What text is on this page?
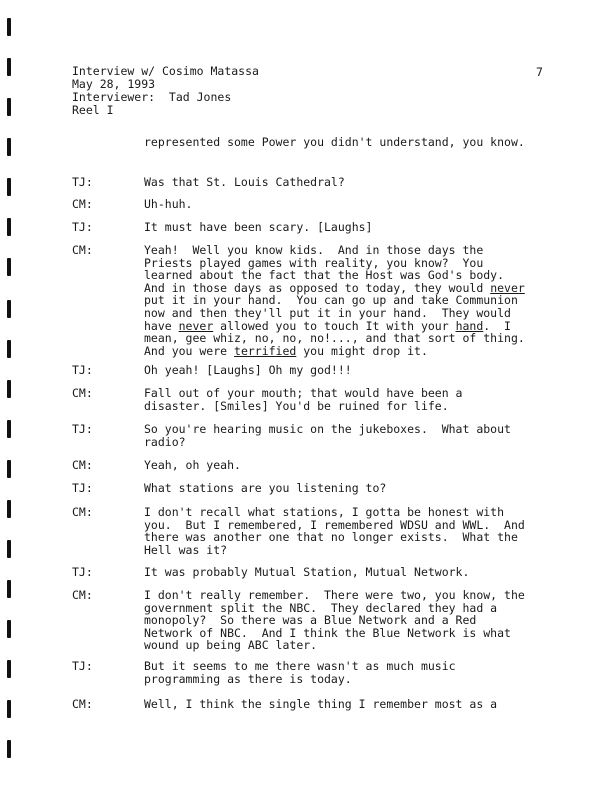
Interview w/ Cosimo Matassa
May 28, 1993
Interviewer:  Tad Jones
Reel I
7
represented some Power you didn't understand, you know.
TJ:	Was that St. Louis Cathedral?
CM:	Uh-huh.
TJ:	It must have been scary. [Laughs]
CM:	Yeah!  Well you know kids.  And in those days the
Priests played games with reality, you know?  You
learned about the fact that the Host was God's body.
And in those days as opposed to today, they would never
put it in your hand.  You can go up and take Communion
now and then they'll put it in your hand.  They would
have never allowed you to touch It with your hand.  I
mean, gee whiz, no, no, no!..., and that sort of thing.
And you were terrified you might drop it.
TJ:	Oh yeah! [Laughs] Oh my god!!!
CM:	Fall out of your mouth; that would have been a
disaster. [Smiles] You'd be ruined for life.
TJ:	So you're hearing music on the jukeboxes.  What about
radio?
CM:	Yeah, oh yeah.
TJ:	What stations are you listening to?
CM:	I don't recall what stations, I gotta be honest with
you.  But I remembered, I remembered WDSU and WWL.  And
there was another one that no longer exists.  What the
Hell was it?
TJ:	It was probably Mutual Station, Mutual Network.
CM:	I don't really remember.  There were two, you know, the
government split the NBC.  They declared they had a
monopoly?  So there was a Blue Network and a Red
Network of NBC.  And I think the Blue Network is what
wound up being ABC later.
TJ:	But it seems to me there wasn't as much music
programming as there is today.
CM:	Well, I think the single thing I remember most as a
